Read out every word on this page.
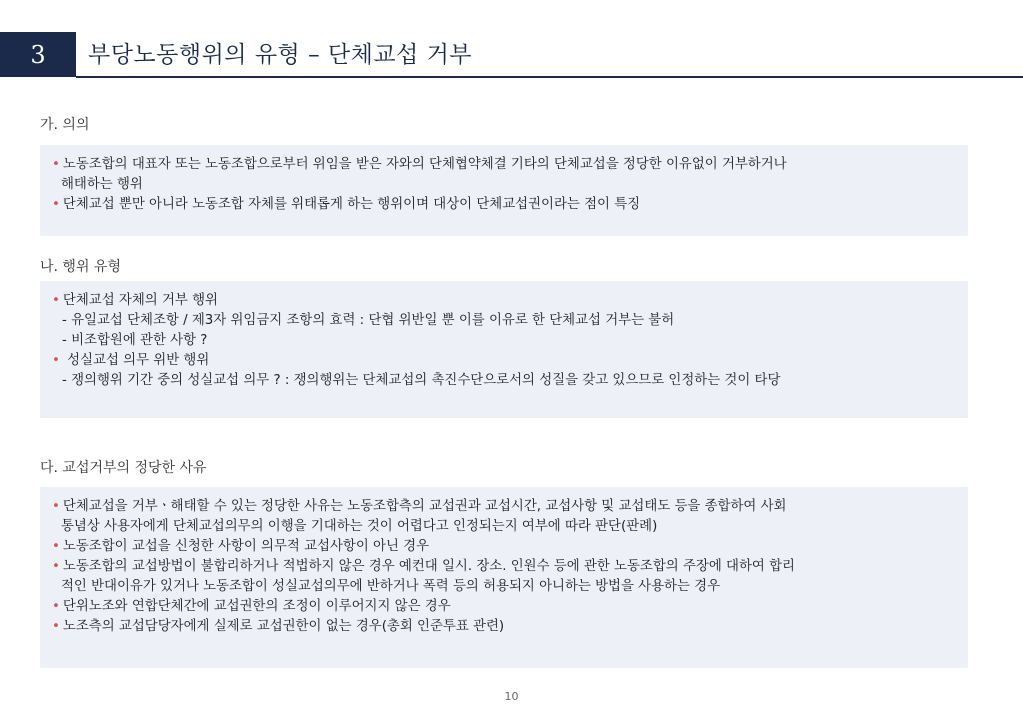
3	부당노동행위의 유형 – 단체교섭 거부
가. 의의
• 노동조합의 대표자 또는 노동조합으로부터 위임을 받은 자와의 단체협약체결 기타의 단체교섭을 정당한 이유없이 거부하거나
해태하는 행위
• 단체교섭 뿐만 아니라 노동조합 자체를 위태롭게 하는 행위이며 대상이 단체교섭권이라는 점이 특징
나. 행위 유형
• 단체교섭 자체의 거부 행위
- 유일교섭 단체조항 / 제3자 위임금지 조항의 효력 : 단협 위반일 뿐 이를 이유로 한 단체교섭 거부는 불허
- 비조합원에 관한 사항 ?
• 성실교섭 의무 위반 행위
- 쟁의행위 기간 중의 성실교섭 의무 ? : 쟁의행위는 단체교섭의 촉진수단으로서의 성질을 갖고 있으므로 인정하는 것이 타당
다. 교섭거부의 정당한 사유
• 단체교섭을 거부ㆍ해태할 수 있는 정당한 사유는 노동조합측의 교섭권과 교섭시간, 교섭사항 및 교섭태도 등을 종합하여 사회
통념상 사용자에게 단체교섭의무의 이행을 기대하는 것이 어렵다고 인정되는지 여부에 따라 판단(판례)
• 노동조합이 교섭을 신청한 사항이 의무적 교섭사항이 아닌 경우
• 노동조합의 교섭방법이 불합리하거나 적법하지 않은 경우 예컨대 일시. 장소. 인원수 등에 관한 노동조합의 주장에 대하여 합리
적인 반대이유가 있거나 노동조합이 성실교섭의무에 반하거나 폭력 등의 허용되지 아니하는 방법을 사용하는 경우
• 단위노조와 연합단체간에 교섭권한의 조정이 이루어지지 않은 경우
• 노조측의 교섭담당자에게 실제로 교섭권한이 없는 경우(총회 인준투표 관련)
10
